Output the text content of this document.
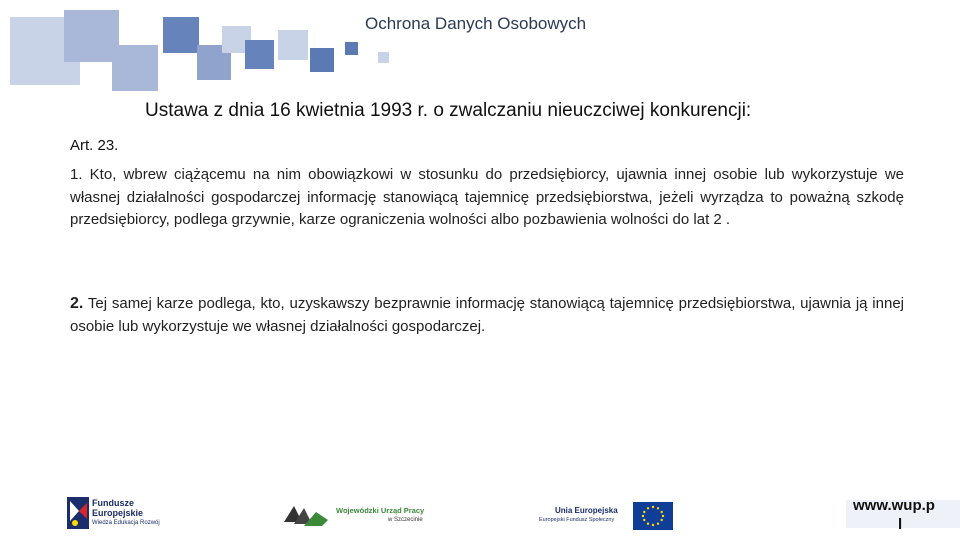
Ochrona Danych Osobowych
Ustawa z dnia 16 kwietnia 1993 r. o zwalczaniu nieuczciwej konkurencji:
Art. 23.
1. Kto, wbrew ciążącemu na nim obowiązkowi w stosunku do przedsiębiorcy, ujawnia innej osobie lub wykorzystuje we własnej działalności gospodarczej informację stanowiącą tajemnicę przedsiębiorstwa, jeżeli wyrządza to poważną szkodę przedsiębiorcy, podlega grzywnie, karze ograniczenia wolności albo pozbawienia wolności do lat 2 .
2. Tej samej karze podlega, kto, uzyskawszy bezprawnie informację stanowiącą tajemnicę przedsiębiorstwa, ujawnia ją innej osobie lub wykorzystuje we własnej działalności gospodarczej.
Fundusze
Europejskie
Wiedza Edukacja Rozwój
Wojewódzki Urząd Pracy
w Szczecinie
Unia Europejska
Europejski Fundusz Społeczny
www.wup.p
l
